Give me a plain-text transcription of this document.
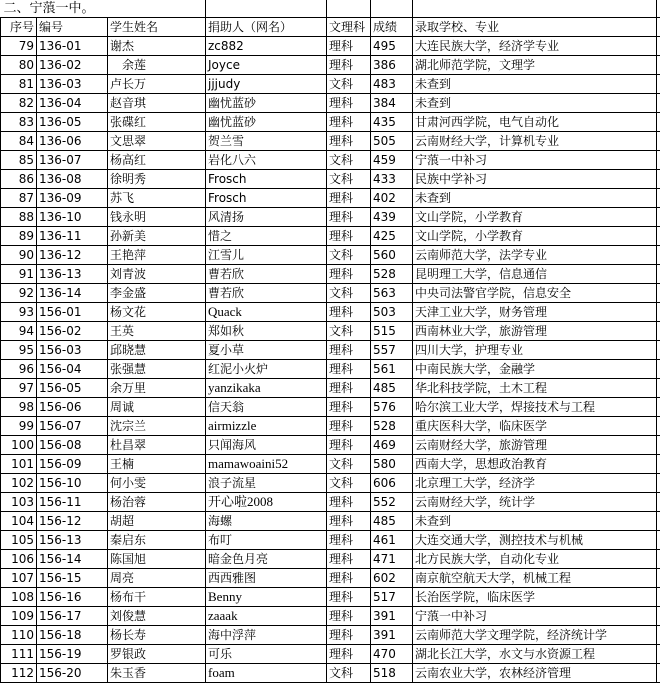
二、宁蒗一中。							
序号	编号	学生姓名	捐助人（网名）	文理科	成绩	录取学校、专业	
79	136-01	谢杰	zc882	理科	495	大连民族大学，经济学专业	
80	136-02	　余莲	Joyce	理科	386	湖北师范学院，文理学	
81	136-03	卢长万	jjjudy	文科	483	未查到	
82	136-04	赵音琪	幽忧蓝砂	理科	384	未查到	
83	136-05	张碟红	幽忧蓝砂	理科	435	甘肃河西学院，电气自动化	
84	136-06	文思翠	贺兰雪	理科	505	云南财经大学，计算机专业	
85	136-07	杨高红	岩化八六	文科	459	宁蒗一中补习	
86	136-08	徐明秀	Frosch	文科	433	民族中学补习	
87	136-09	苏飞	Frosch	理科	402	未查到	
88	136-10	钱永明	风清扬	理科	439	文山学院，小学教育	
89	136-11	孙新美	惜之	理科	425	文山学院，小学教育	
90	136-12	王艳萍	江雪儿	文科	560	云南师范大学，法学专业	
91	136-13	刘青波	曹若欣	理科	528	昆明理工大学，信息通信	
92	136-14	李金盛	曹若欣	文科	563	中央司法警官学院，信息安全	
93	156-01	杨文花	Quack	理科	503	天津工业大学，财务管理	
94	156-02	王英	郑如秋	文科	515	西南林业大学，旅游管理	
95	156-03	邱晓慧	夏小草	理科	557	四川大学，护理专业	
96	156-04	张强慧	红泥小火炉	理科	561	中南民族大学，金融学	
97	156-05	余万里	yanzikaka	理科	485	华北科技学院，土木工程	
98	156-06	周诚	信天翁	理科	576	哈尔滨工业大学，焊接技术与工程	
99	156-07	沈宗兰	airmizzle	理科	528	重庆医科大学，临床医学	
100	156-08	杜昌翠	只闻海风	理科	469	云南财经大学，旅游管理	
101	156-09	王楠	mamawoaini52	文科	580	西南大学，思想政治教育	
102	156-10	何小雯	浪子流星	文科	606	北京理工大学，经济学	
103	156-11	杨治蓉	开心啦2008	理科	552	云南财经大学，统计学	
104	156-12	胡超	海螺	理科	485	未查到	
105	156-13	秦启东	布叮	理科	461	大连交通大学，测控技术与机械	
106	156-14	陈国旭	暗金色月亮	理科	471	北方民族大学，自动化专业	
107	156-15	周亮	西西雅图	理科	602	南京航空航天大学，机械工程	
108	156-16	杨布干	Benny	理科	517	长治医学院，临床医学	
109	156-17	刘俊慧	zaaak	理科	391	宁蒗一中补习	
110	156-18	杨长寿	海中浮萍	理科	391	云南师范大学文理学院，经济统计学	
111	156-19	罗银政	可乐	理科	470	湖北长江大学，水文与水资源工程	
112	156-20	朱玉香	foam	文科	518	云南农业大学，农林经济管理	
